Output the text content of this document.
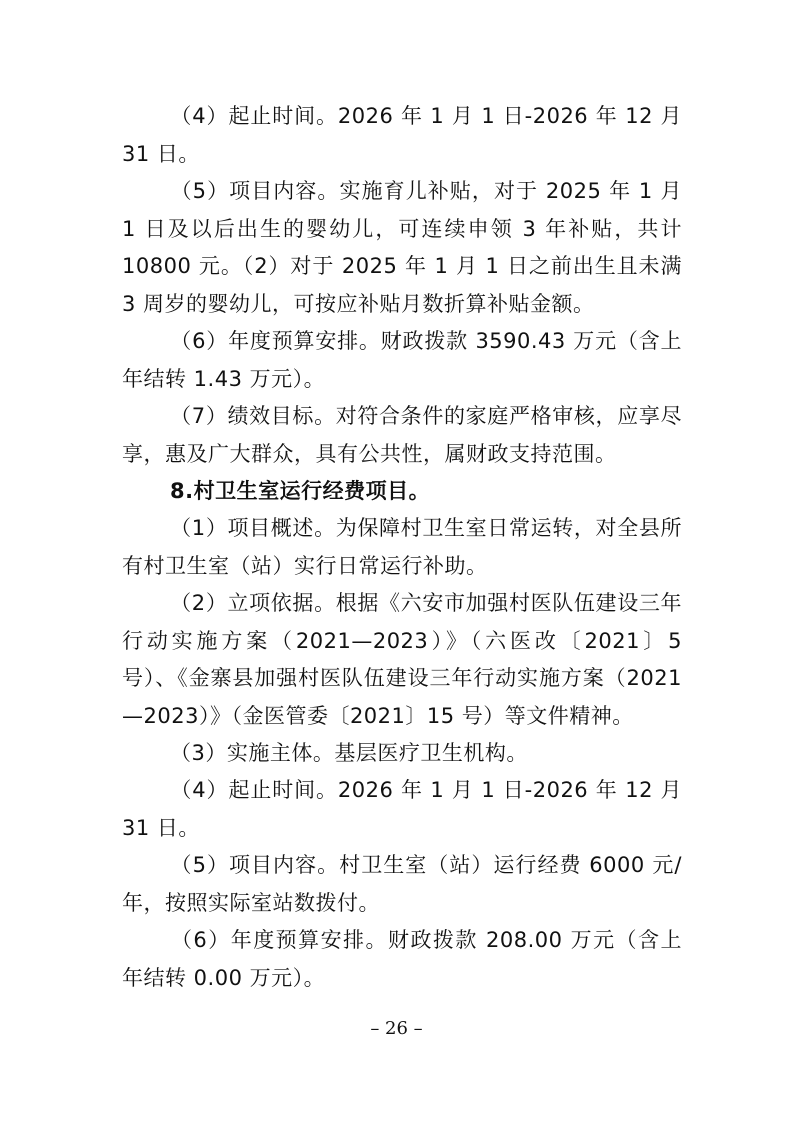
（4）起止时间。2026 年 1 月 1 日-2026 年 12 月 31 日。

（5）项目内容。实施育儿补贴，对于 2025 年 1 月 1 日及以后出生的婴幼儿，可连续申领 3 年补贴，共计 10800 元。（2）对于 2025 年 1 月 1 日之前出生且未满 3 周岁的婴幼儿，可按应补贴月数折算补贴金额。

（6）年度预算安排。财政拨款 3590.43 万元（含上年结转 1.43 万元）。

（7）绩效目标。对符合条件的家庭严格审核，应享尽享，惠及广大群众，具有公共性，属财政支持范围。

8.村卫生室运行经费项目。

（1）项目概述。为保障村卫生室日常运转，对全县所有村卫生室（站）实行日常运行补助。

（2）立项依据。根据《六安市加强村医队伍建设三年行动实施方案（2021—2023）》（六医改〔2021〕5 号）、《金寨县加强村医队伍建设三年行动实施方案（2021—2023）》（金医管委〔2021〕15 号）等文件精神。

（3）实施主体。基层医疗卫生机构。

（4）起止时间。2026 年 1 月 1 日-2026 年 12 月 31 日。

（5）项目内容。村卫生室（站）运行经费 6000 元/年，按照实际室站数拨付。

（6）年度预算安排。财政拨款 208.00 万元（含上年结转 0.00 万元）。

– 26 –
